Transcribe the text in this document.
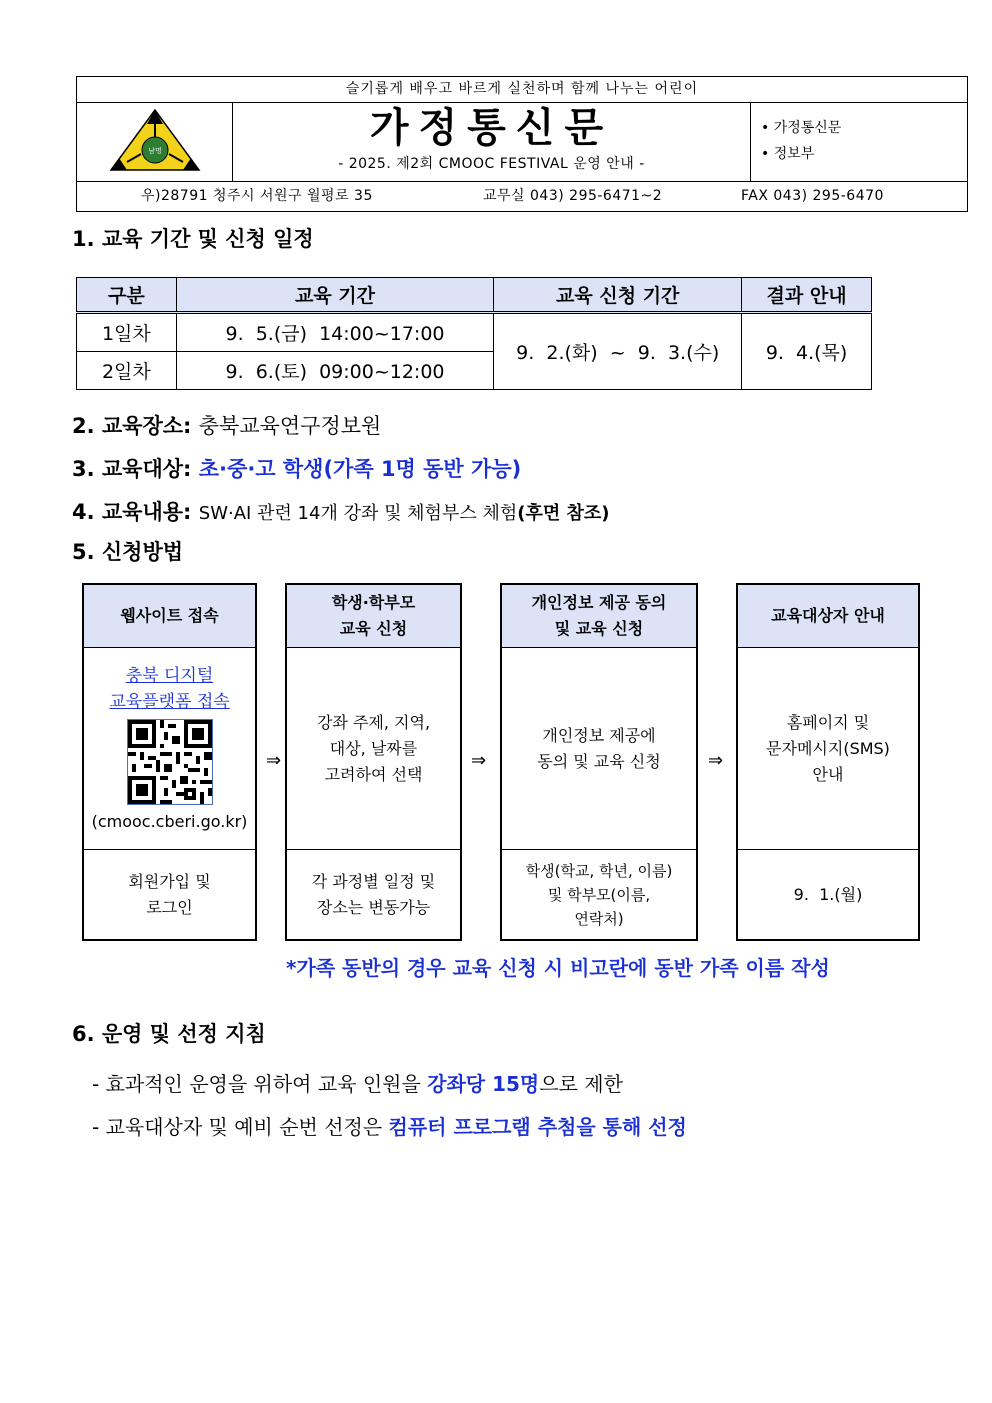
슬기롭게 배우고 바르게 실천하며 함께 나누는 어린이
남명	가정통신문
- 2025. 제2회 CMOOC FESTIVAL 운영 안내 -
• 가정통신문
• 정보부
우)28791 청주시 서원구 월평로 35	교무실 043) 295-6471~2	FAX 043) 295-6470
1. 교육 기간 및 신청 일정
구분	교육 기간	교육 신청 기간	결과 안내
1일차	9.  5.(금)  14:00~17:00	9.  2.(화)  ~  9.  3.(수)	9.  4.(목)
2일차	9.  6.(토)  09:00~12:00		
2. 교육장소: 충북교육연구정보원
3. 교육대상: 초·중·고 학생(가족 1명 동반 가능)
4. 교육내용: SW·AI 관련 14개 강좌 및 체험부스 체험(후면 참조)
5. 신청방법
웹사이트 접속
충북 디지털
교육플랫폼 접속
(cmooc.cberi.go.kr)
회원가입 및
로그인
⇒
학생·학부모
교육 신청
강좌 주제, 지역,
대상, 날짜를
고려하여 선택
각 과정별 일정 및
장소는 변동가능
⇒
개인정보 제공 동의
및 교육 신청
개인정보 제공에
동의 및 교육 신청
학생(학교, 학년, 이름)
및 학부모(이름,
연락처)
⇒
교육대상자 안내
홈페이지 및
문자메시지(SMS)
안내
9.  1.(월)
*가족 동반의 경우 교육 신청 시 비고란에 동반 가족 이름 작성
6. 운영 및 선정 지침
- 효과적인 운영을 위하여 교육 인원을 강좌당 15명으로 제한
- 교육대상자 및 예비 순번 선정은 컴퓨터 프로그램 추첨을 통해 선정
